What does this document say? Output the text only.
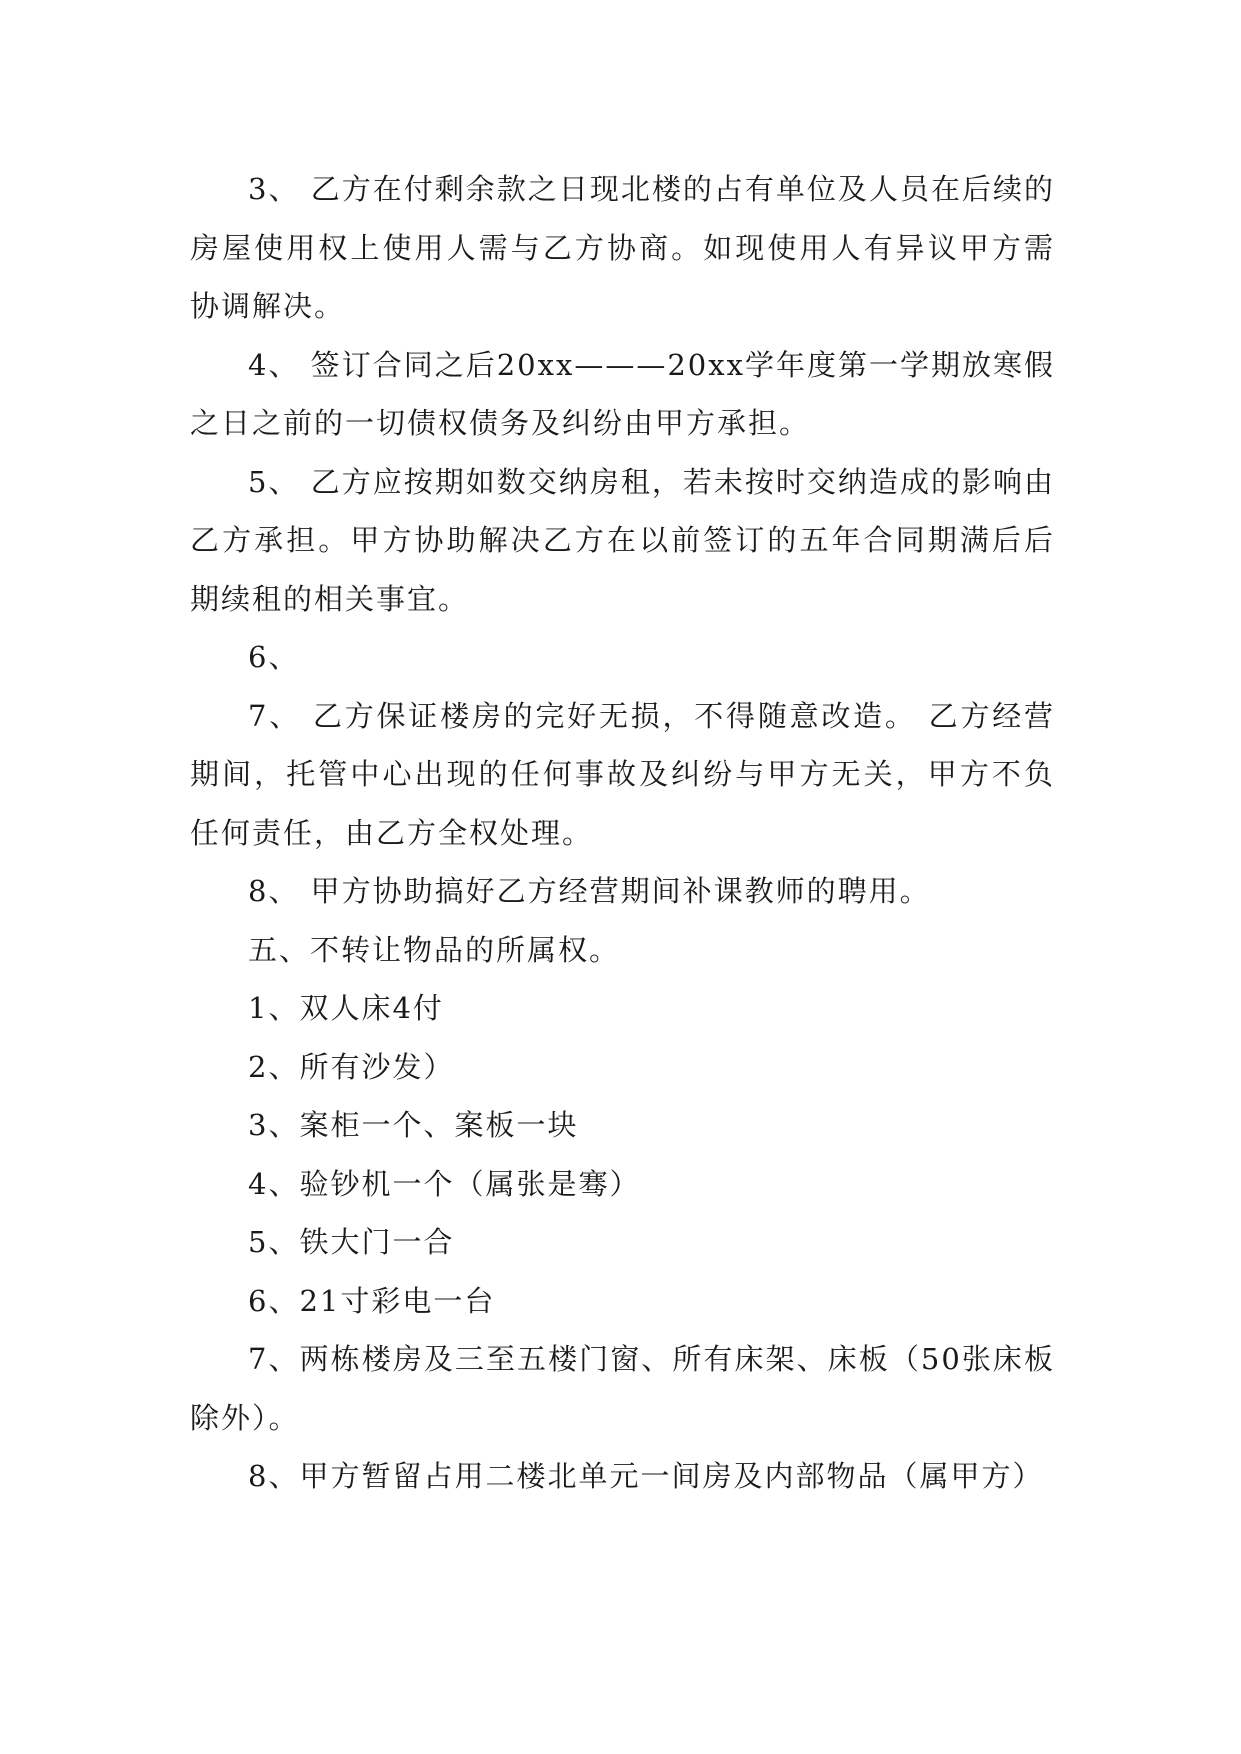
3、 乙方在付剩余款之日现北楼的占有单位及人员在后续的房屋使用权上使用人需与乙方协商。如现使用人有异议甲方需协调解决。

4、 签订合同之后20xx———20xx学年度第一学期放寒假之日之前的一切债权债务及纠纷由甲方承担。

5、 乙方应按期如数交纳房租，若未按时交纳造成的影响由乙方承担。甲方协助解决乙方在以前签订的五年合同期满后后期续租的相关事宜。

6、

7、 乙方保证楼房的完好无损，不得随意改造。 乙方经营期间，托管中心出现的任何事故及纠纷与甲方无关，甲方不负任何责任，由乙方全权处理。

8、 甲方协助搞好乙方经营期间补课教师的聘用。

五、不转让物品的所属权。

1、双人床4付

2、所有沙发）

3、案柜一个、案板一块

4、验钞机一个（属张是骞）

5、铁大门一合

6、21寸彩电一台

7、两栋楼房及三至五楼门窗、所有床架、床板（50张床板除外）。

8、甲方暂留占用二楼北单元一间房及内部物品（属甲方）
